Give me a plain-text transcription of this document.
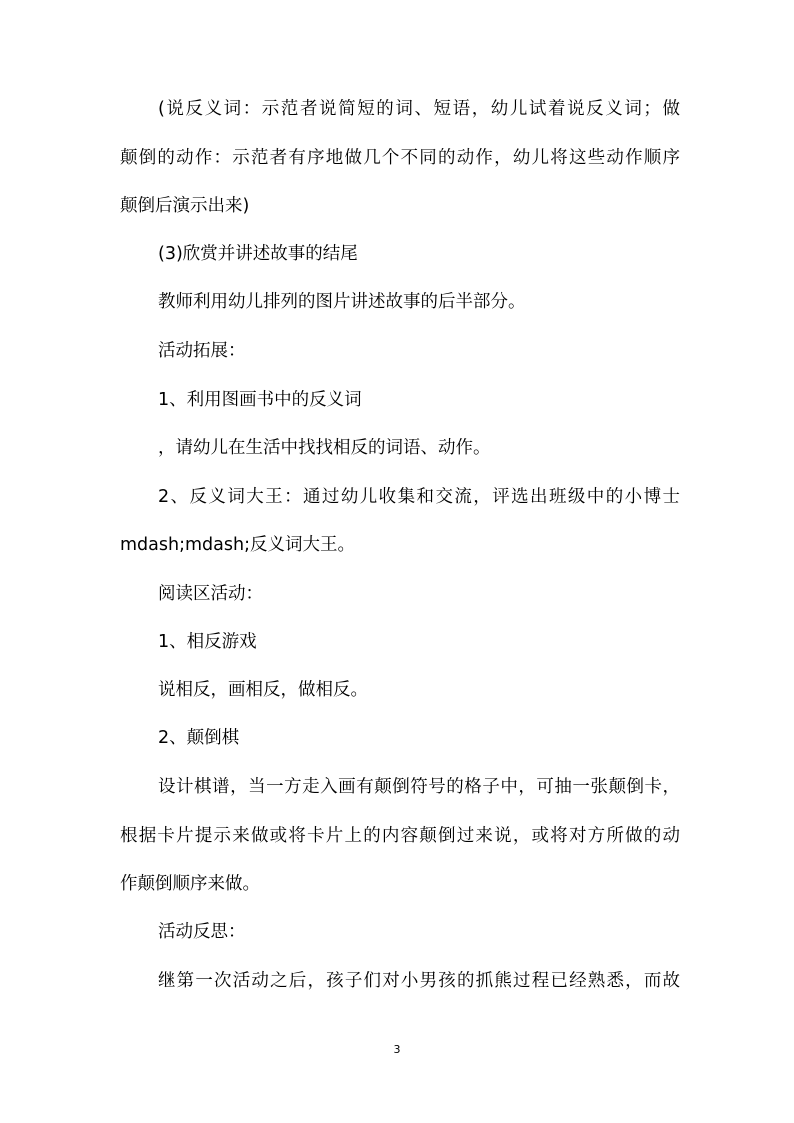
(说反义词：示范者说简短的词、短语，幼儿试着说反义词；做
颠倒的动作：示范者有序地做几个不同的动作，幼儿将这些动作顺序
颠倒后演示出来)
(3)欣赏并讲述故事的结尾
教师利用幼儿排列的图片讲述故事的后半部分。
活动拓展：
1、利用图画书中的反义词
，请幼儿在生活中找找相反的词语、动作。
2、反义词大王：通过幼儿收集和交流，评选出班级中的小博士
mdash;mdash;反义词大王。
阅读区活动：
1、相反游戏
说相反，画相反，做相反。
2、颠倒棋
设计棋谱，当一方走入画有颠倒符号的格子中，可抽一张颠倒卡，
根据卡片提示来做或将卡片上的内容颠倒过来说，或将对方所做的动
作颠倒顺序来做。
活动反思：
继第一次活动之后，孩子们对小男孩的抓熊过程已经熟悉，而故
3
